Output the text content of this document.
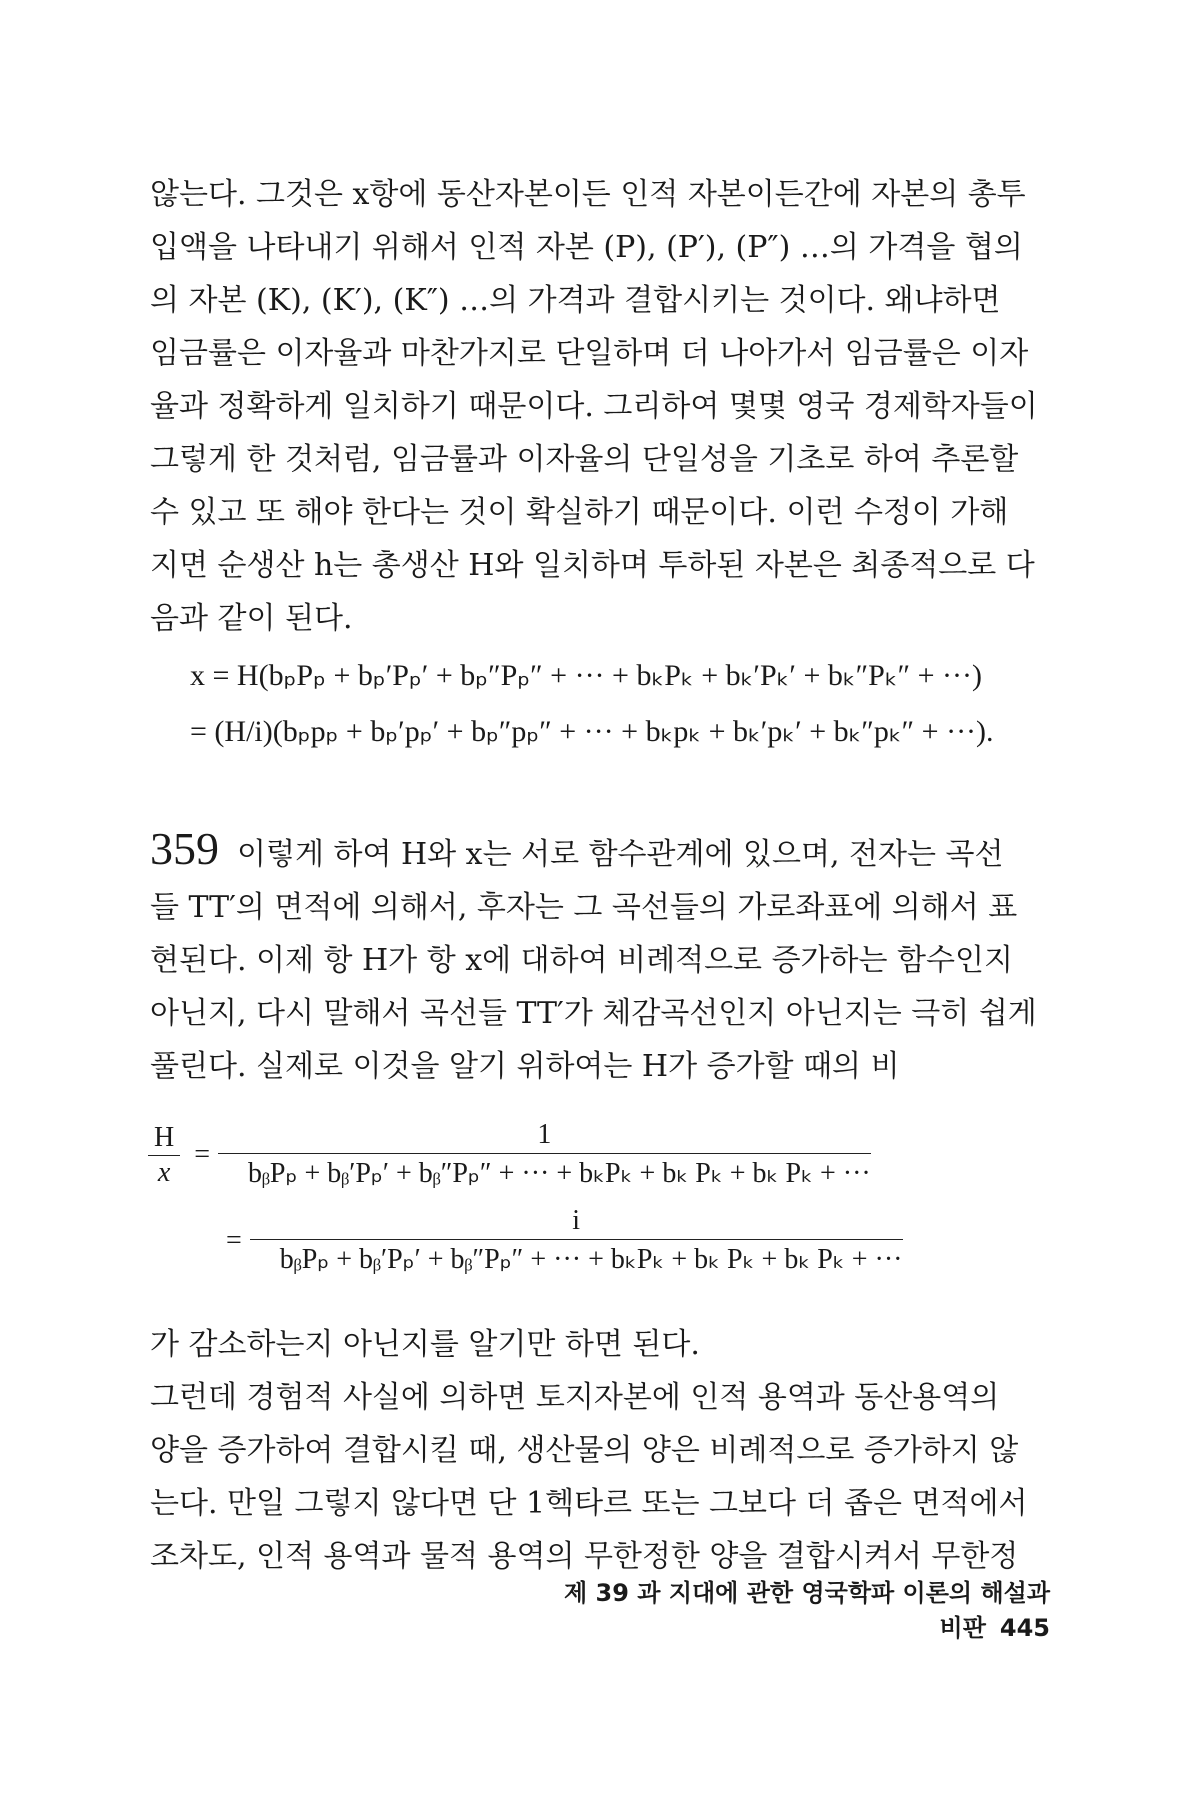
않는다. 그것은 x항에 동산자본이든 인적 자본이든간에 자본의 총투
입액을 나타내기 위해서 인적 자본 (P), (P′), (P″) …의 가격을 협의
의 자본 (K), (K′), (K″) …의 가격과 결합시키는 것이다. 왜냐하면
임금률은 이자율과 마찬가지로 단일하며 더 나아가서 임금률은 이자
율과 정확하게 일치하기 때문이다. 그리하여 몇몇 영국 경제학자들이
그렇게 한 것처럼, 임금률과 이자율의 단일성을 기초로 하여 추론할
수 있고 또 해야 한다는 것이 확실하기 때문이다. 이런 수정이 가해
지면 순생산 h는 총생산 H와 일치하며 투하된 자본은 최종적으로 다
음과 같이 된다.
x = H(bₚPₚ + bₚ′Pₚ′ + bₚ″Pₚ″ + ··· + bₖPₖ + bₖ′Pₖ′ + bₖ″Pₖ″ + ···)
= (H/i)(bₚpₚ + bₚ′pₚ′ + bₚ″pₚ″ + ··· + bₖpₖ + bₖ′pₖ′ + bₖ″pₖ″ + ···).
359 이렇게 하여 H와 x는 서로 함수관계에 있으며, 전자는 곡선
들 TT′의 면적에 의해서, 후자는 그 곡선들의 가로좌표에 의해서 표
현된다. 이제 항 H가 항 x에 대하여 비례적으로 증가하는 함수인지
아닌지, 다시 말해서 곡선들 TT′가 체감곡선인지 아닌지는 극히 쉽게
풀린다. 실제로 이것을 알기 위하여는 H가 증가할 때의 비
$\frac{H}{x} = \frac{1}{\text{bᵦPₚ + bᵦ′Pₚ′ + bᵦ″Pₚ″ + ··· + bₖPₖ + bₖ Pₖ + bₖ Pₖ + ···}}$
= $\frac{i}{\text{bᵦPₚ + bᵦ′Pₚ′ + bᵦ″Pₚ″ + ··· + bₖPₖ + bₖ Pₖ + bₖ Pₖ + ···}}$
가 감소하는지 아닌지를 알기만 하면 된다.
그런데 경험적 사실에 의하면 토지자본에 인적 용역과 동산용역의
양을 증가하여 결합시킬 때, 생산물의 양은 비례적으로 증가하지 않
는다. 만일 그렇지 않다면 단 1헥타르 또는 그보다 더 좁은 면적에서
조차도, 인적 용역과 물적 용역의 무한정한 양을 결합시켜서 무한정
제 39 과 지대에 관한 영국학파 이론의 해설과 비판 445
